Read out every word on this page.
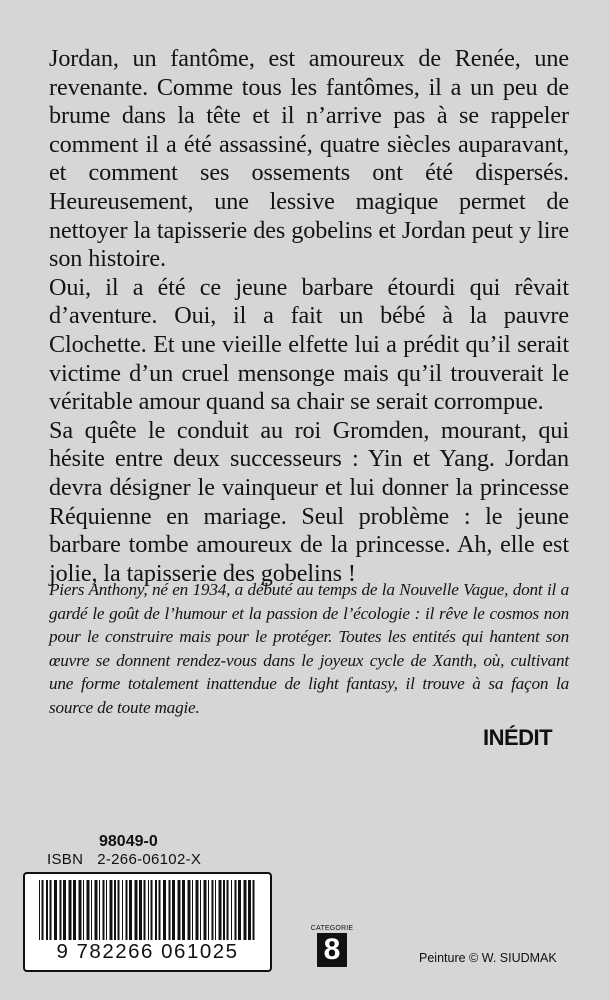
Jordan, un fantôme, est amoureux de Renée, une revenante. Comme tous les fantômes, il a un peu de brume dans la tête et il n’arrive pas à se rappeler comment il a été assassiné, quatre siècles auparavant, et comment ses ossements ont été dispersés. Heureusement, une lessive magique permet de nettoyer la tapisserie des gobelins et Jordan peut y lire son histoire.

Oui, il a été ce jeune barbare étourdi qui rêvait d’aventure. Oui, il a fait un bébé à la pauvre Clochette. Et une vieille elfette lui a prédit qu’il serait victime d’un cruel mensonge mais qu’il trouverait le véritable amour quand sa chair se serait corrompue.

Sa quête le conduit au roi Gromden, mourant, qui hésite entre deux successeurs : Yin et Yang. Jordan devra désigner le vainqueur et lui donner la princesse Réquienne en mariage. Seul problème : le jeune barbare tombe amoureux de la princesse. Ah, elle est jolie, la tapisserie des gobelins !

Piers Anthony, né en 1934, a débuté au temps de la Nouvelle Vague, dont il a gardé le goût de l’humour et la passion de l’écologie : il rêve le cosmos non pour le construire mais pour le protéger. Toutes les entités qui hantent son œuvre se donnent rendez-vous dans le joyeux cycle de Xanth, où, cultivant une forme totalement inattendue de light fantasy, il trouve à sa façon la source de toute magie.

INÉDIT
98049-0
ISBN 2-266-06102-X
9 782266 061025
CATEGORIE
8	Peinture © W. SIUDMAK
